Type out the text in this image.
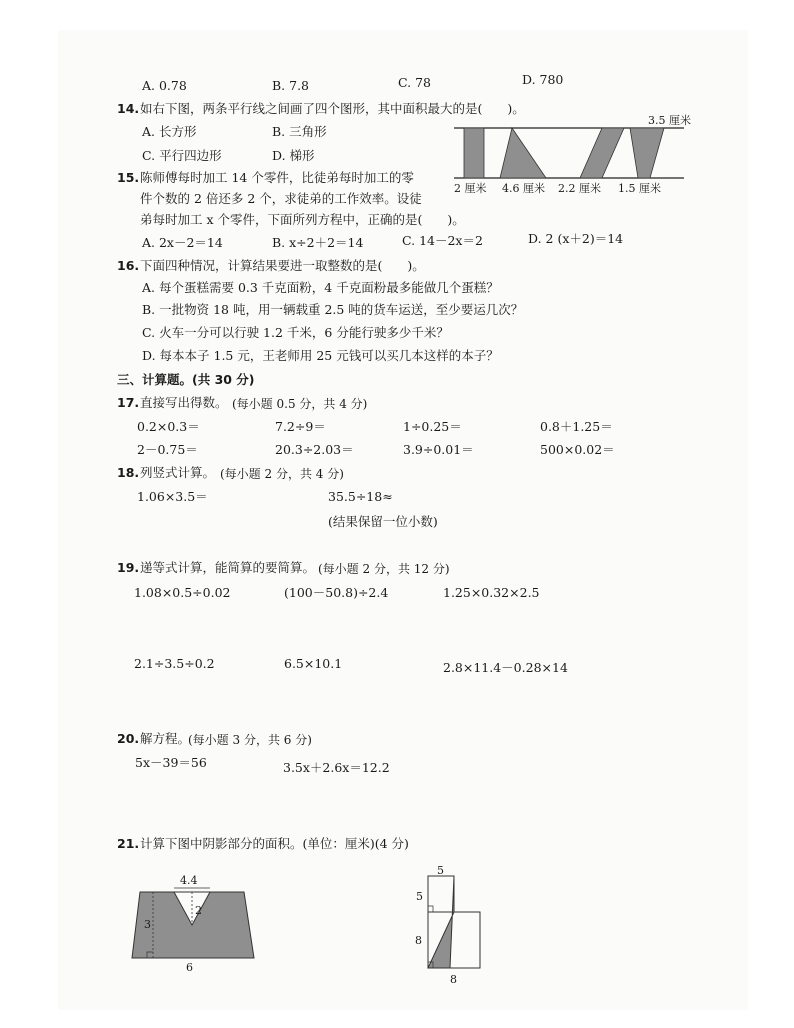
A. 0.78	B. 7.8	C. 78	D. 780
14. 如右下图，两条平行线之间画了四个图形，其中面积最大的是(　　)。
A. 长方形	B. 三角形
C. 平行四边形	D. 梯形
3.5 厘米
2 厘米 4.6 厘米 2.2 厘米 1.5 厘米
15. 陈师傅每时加工 14 个零件，比徒弟每时加工的零
件个数的 2 倍还多 2 个，求徒弟的工作效率。设徒
弟每时加工 x 个零件，下面所列方程中，正确的是(　　)。
A. 2x－2＝14	B. x÷2＋2＝14	C. 14－2x＝2	D. 2 (x＋2)＝14
16. 下面四种情况，计算结果要进一取整数的是(　　)。
A. 每个蛋糕需要 0.3 千克面粉，4 千克面粉最多能做几个蛋糕？
B. 一批物资 18 吨，用一辆载重 2.5 吨的货车运送，至少要运几次？
C. 火车一分可以行驶 1.2 千米，6 分能行驶多少千米？
D. 每本本子 1.5 元，王老师用 25 元钱可以买几本这样的本子？
三、计算题。(共 30 分)
17. 直接写出得数。 (每小题 0.5 分，共 4 分)
0.2×0.3＝	7.2÷9＝	1÷0.25＝	0.8＋1.25＝
2－0.75＝	20.3÷2.03＝	3.9÷0.01＝	500×0.02＝
18. 列竖式计算。 (每小题 2 分，共 4 分)
1.06×3.5＝	35.5÷18≈
(结果保留一位小数)
19. 递等式计算，能简算的要简算。 (每小题 2 分，共 12 分)
1.08×0.5÷0.02	(100－50.8)÷2.4	1.25×0.32×2.5
2.1÷3.5÷0.2	6.5×10.1	2.8×11.4－0.28×14
20. 解方程。
(每小题 3 分，共 6 分)
5x－39＝56	3.5x＋2.6x＝12.2
21. 计算下图中阴影部分的面积。(单位：厘米)(4 分)
4.4
2
3
6
5
5
8
8
